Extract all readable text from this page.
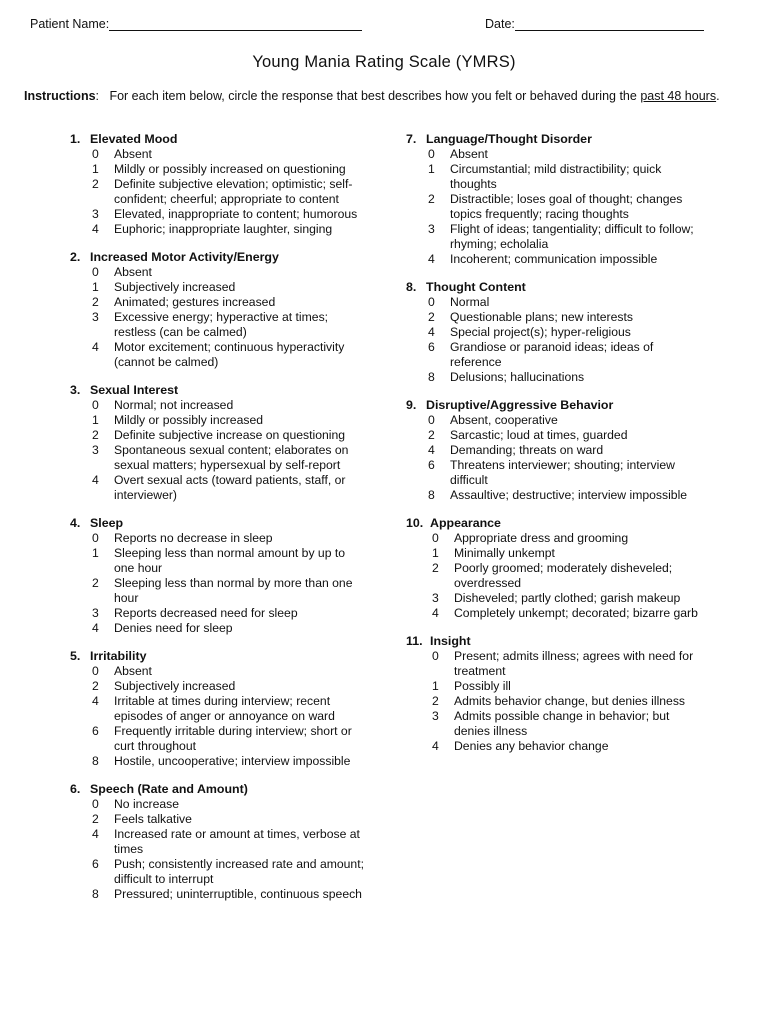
Patient Name:	Date:
Young Mania Rating Scale (YMRS)
Instructions:   For each item below, circle the response that best describes how you felt or behaved during the past 48 hours.
1. Elevated Mood
0	Absent
1	Mildly or possibly increased on questioning
2	Definite subjective elevation; optimistic; self-confident; cheerful; appropriate to content
3	Elevated, inappropriate to content; humorous
4	Euphoric; inappropriate laughter, singing
2. Increased Motor Activity/Energy
0	Absent
1	Subjectively increased
2	Animated; gestures increased
3	Excessive energy; hyperactive at times; restless (can be calmed)
4	Motor excitement; continuous hyperactivity (cannot be calmed)
3. Sexual Interest
0	Normal; not increased
1	Mildly or possibly increased
2	Definite subjective increase on questioning
3	Spontaneous sexual content; elaborates on sexual matters; hypersexual by self-report
4	Overt sexual acts (toward patients, staff, or interviewer)
4. Sleep
0	Reports no decrease in sleep
1	Sleeping less than normal amount by up to one hour
2	Sleeping less than normal by more than one hour
3	Reports decreased need for sleep
4	Denies need for sleep
5. Irritability
0	Absent
2	Subjectively increased
4	Irritable at times during interview; recent episodes of anger or annoyance on ward
6	Frequently irritable during interview; short or curt throughout
8	Hostile, uncooperative; interview impossible
6. Speech (Rate and Amount)
0	No increase
2	Feels talkative
4	Increased rate or amount at times, verbose at times
6	Push; consistently increased rate and amount; difficult to interrupt
8	Pressured; uninterruptible, continuous speech
7. Language/Thought Disorder
0	Absent
1	Circumstantial; mild distractibility; quick thoughts
2	Distractible; loses goal of thought; changes topics frequently; racing thoughts
3	Flight of ideas; tangentiality; difficult to follow; rhyming; echolalia
4	Incoherent; communication impossible
8. Thought Content
0	Normal
2	Questionable plans; new interests
4	Special project(s); hyper-religious
6	Grandiose or paranoid ideas; ideas of reference
8	Delusions; hallucinations
9. Disruptive/Aggressive Behavior
0	Absent, cooperative
2	Sarcastic; loud at times, guarded
4	Demanding; threats on ward
6	Threatens interviewer; shouting; interview difficult
8	Assaultive; destructive; interview impossible
10. Appearance
0	Appropriate dress and grooming
1	Minimally unkempt
2	Poorly groomed; moderately disheveled; overdressed
3	Disheveled; partly clothed; garish makeup
4	Completely unkempt; decorated; bizarre garb
11. Insight
0	Present; admits illness; agrees with need for treatment
1	Possibly ill
2	Admits behavior change, but denies illness
3	Admits possible change in behavior; but denies illness
4	Denies any behavior change
